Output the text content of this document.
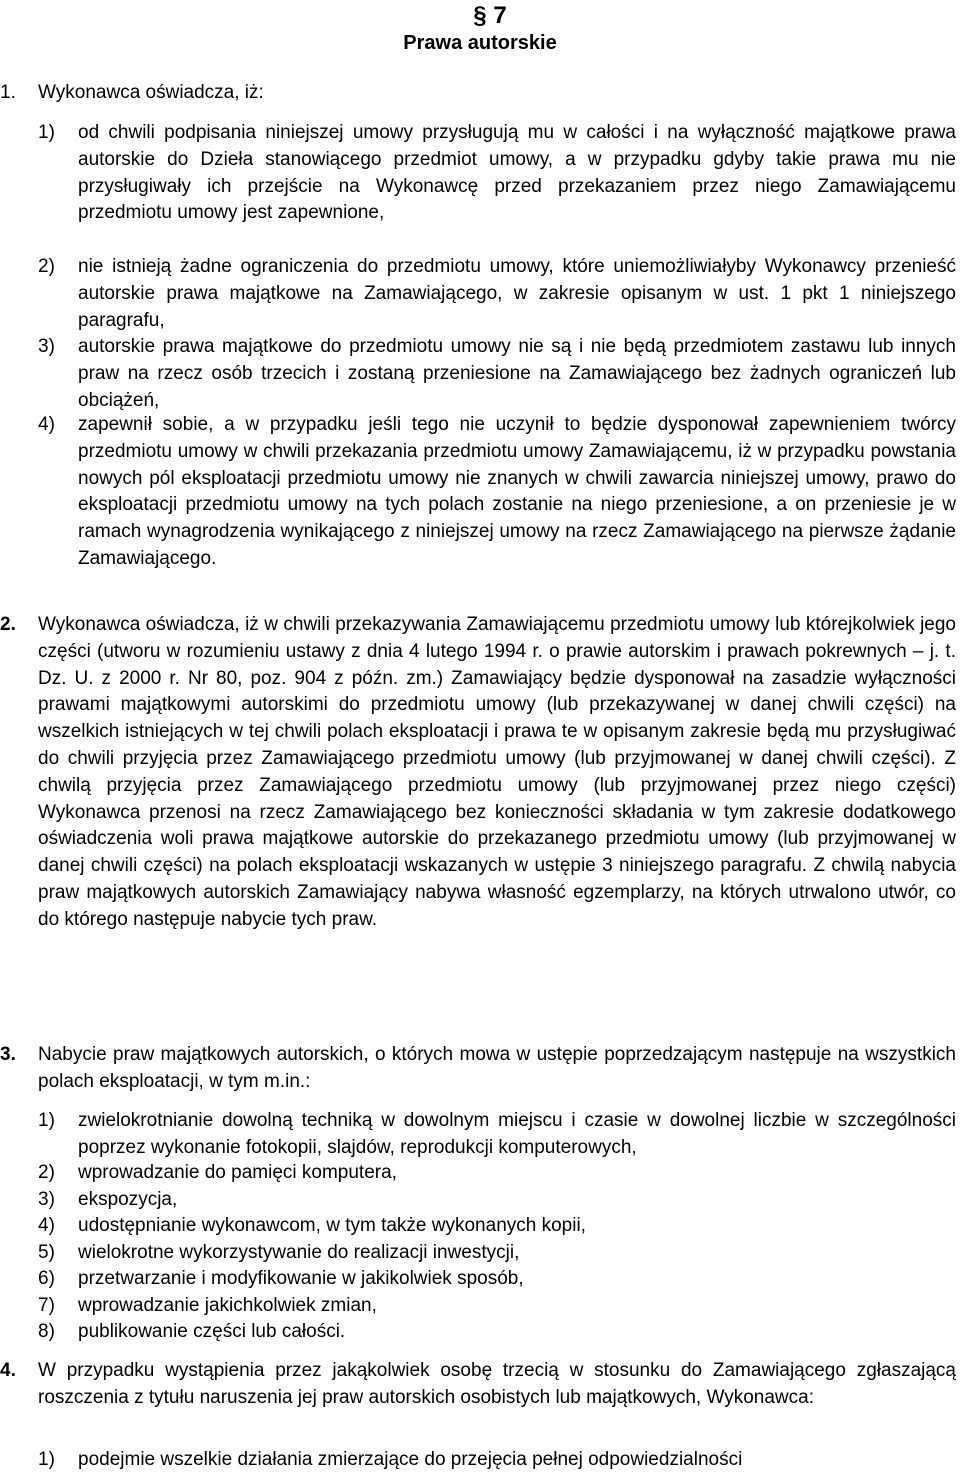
§ 7
Prawa autorskie
1. Wykonawca oświadcza, iż:
1) od chwili podpisania niniejszej umowy przysługują mu w całości i na wyłączność majątkowe prawa autorskie do Dzieła stanowiącego przedmiot umowy, a w przypadku gdyby takie prawa mu nie przysługiwały ich przejście na Wykonawcę przed przekazaniem przez niego Zamawiającemu przedmiotu umowy jest zapewnione,
2) nie istnieją żadne ograniczenia do przedmiotu umowy, które uniemożliwiałyby Wykonawcy przenieść autorskie prawa majątkowe na Zamawiającego, w zakresie opisanym w ust. 1 pkt 1 niniejszego paragrafu,
3) autorskie prawa majątkowe do przedmiotu umowy nie są i nie będą przedmiotem zastawu lub innych praw na rzecz osób trzecich i zostaną przeniesione na Zamawiającego bez żadnych ograniczeń lub obciążeń,
4) zapewnił sobie, a w przypadku jeśli tego nie uczynił to będzie dysponował zapewnieniem twórcy przedmiotu umowy w chwili przekazania przedmiotu umowy Zamawiającemu, iż w przypadku powstania nowych pól eksploatacji przedmiotu umowy nie znanych w chwili zawarcia niniejszej umowy, prawo do eksploatacji przedmiotu umowy na tych polach zostanie na niego przeniesione, a on przeniesie je w ramach wynagrodzenia wynikającego z niniejszej umowy na rzecz Zamawiającego na pierwsze żądanie Zamawiającego.
2. Wykonawca oświadcza, iż w chwili przekazywania Zamawiającemu przedmiotu umowy lub którejkolwiek jego części (utworu w rozumieniu ustawy z dnia 4 lutego 1994 r. o prawie autorskim i prawach pokrewnych – j. t. Dz. U. z 2000 r. Nr 80, poz. 904 z późn. zm.) Zamawiający będzie dysponował na zasadzie wyłączności prawami majątkowymi autorskimi do przedmiotu umowy (lub przekazywanej w danej chwili części) na wszelkich istniejących w tej chwili polach eksploatacji i prawa te w opisanym zakresie będą mu przysługiwać do chwili przyjęcia przez Zamawiającego przedmiotu umowy (lub przyjmowanej w danej chwili części). Z chwilą przyjęcia przez Zamawiającego przedmiotu umowy (lub przyjmowanej przez niego części) Wykonawca przenosi na rzecz Zamawiającego bez konieczności składania w tym zakresie dodatkowego oświadczenia woli prawa majątkowe autorskie do przekazanego przedmiotu umowy (lub przyjmowanej w danej chwili części) na polach eksploatacji wskazanych w ustępie 3 niniejszego paragrafu. Z chwilą nabycia praw majątkowych autorskich Zamawiający nabywa własność egzemplarzy, na których utrwalono utwór, co do którego następuje nabycie tych praw.
3. Nabycie praw majątkowych autorskich, o których mowa w ustępie poprzedzającym następuje na wszystkich polach eksploatacji, w tym m.in.:
1) zwielokrotnianie dowolną techniką w dowolnym miejscu i czasie w dowolnej liczbie w szczególności poprzez wykonanie fotokopii, slajdów, reprodukcji komputerowych,
2) wprowadzanie do pamięci komputera,
3) ekspozycja,
4) udostępnianie wykonawcom, w tym także wykonanych kopii,
5) wielokrotne wykorzystywanie do realizacji inwestycji,
6) przetwarzanie i modyfikowanie w jakikolwiek sposób,
7) wprowadzanie jakichkolwiek zmian,
8) publikowanie części lub całości.
4. W przypadku wystąpienia przez jakąkolwiek osobę trzecią w stosunku do Zamawiającego zgłaszającą roszczenia z tytułu naruszenia jej praw autorskich osobistych lub majątkowych, Wykonawca:
1) podejmie wszelkie działania zmierzające do przejęcia pełnej odpowiedzialności
